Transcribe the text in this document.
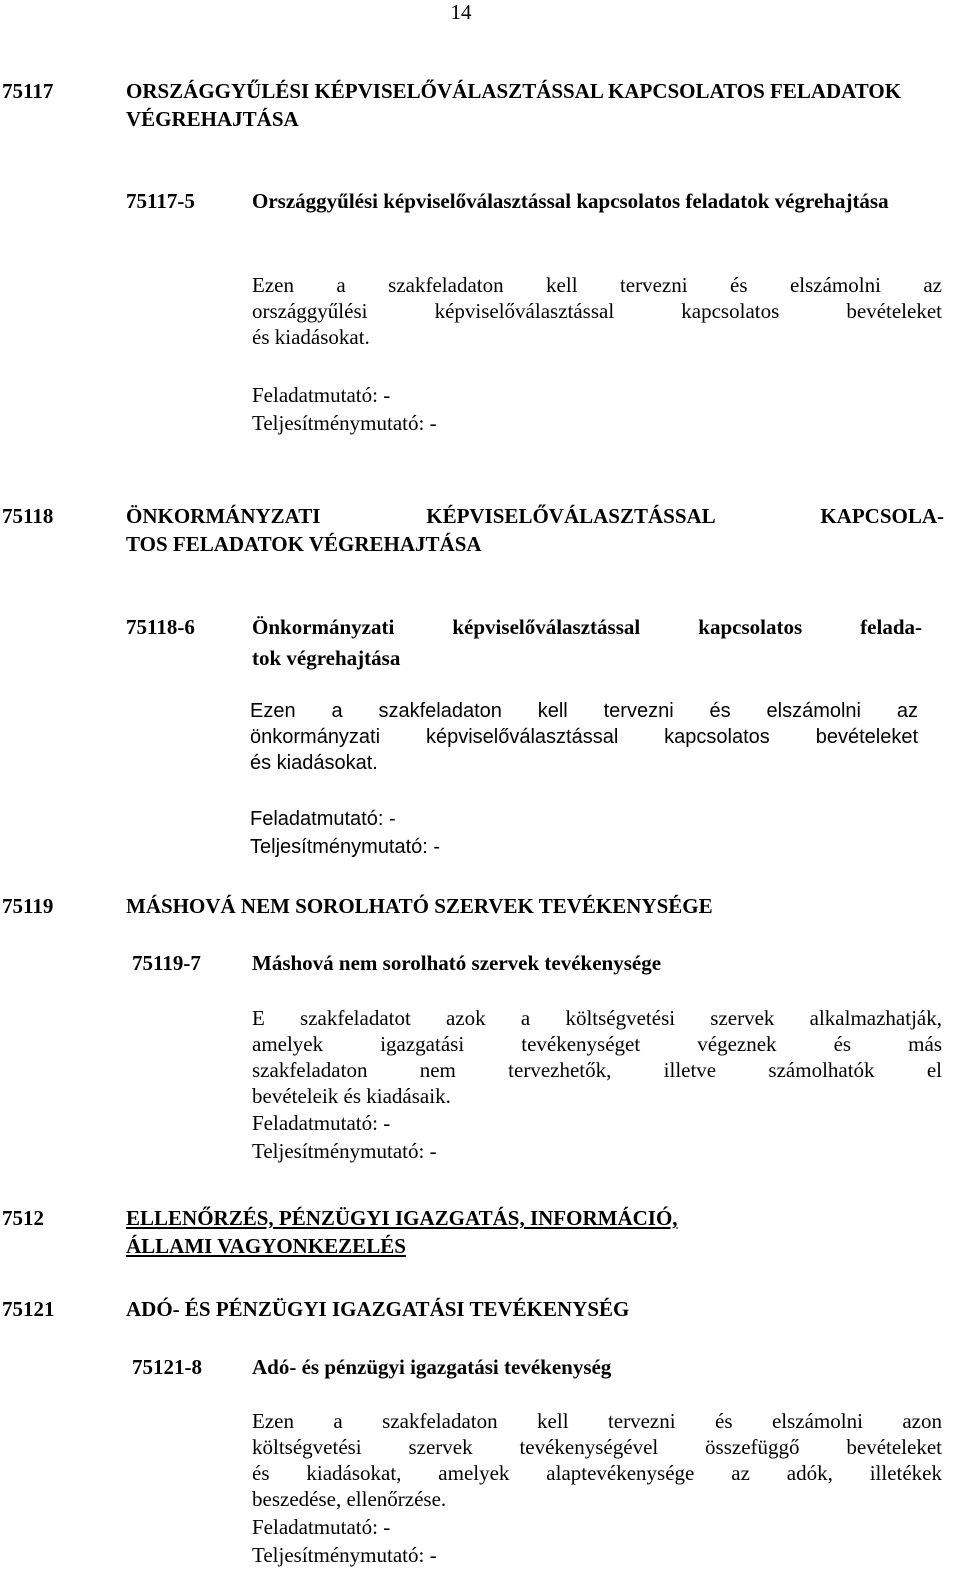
14
75117	ORSZÁGGYŰLÉSI KÉPVISELŐVÁLASZTÁSSAL KAPCSOLATOS FELADATOK VÉGREHAJTÁSA
75117-5	Országgyűlési képviselőválasztással kapcsolatos feladatok végrehajtása
Ezen a szakfeladaton kell tervezni és elszámolni az
országgyűlési képviselőválasztással kapcsolatos bevételeket
és kiadásokat.
Feladatmutató: -
Teljesítménymutató: -
75118	ÖNKORMÁNYZATI KÉPVISELŐVÁLASZTÁSSAL KAPCSOLA-
TOS FELADATOK VÉGREHAJTÁSA
75118-6	Önkormányzati képviselőválasztással kapcsolatos felada-
tok végrehajtása
Ezen a szakfeladaton kell tervezni és elszámolni az
önkormányzati képviselőválasztással kapcsolatos bevételeket
és kiadásokat.
Feladatmutató: -
Teljesítménymutató: -
75119	MÁSHOVÁ NEM SOROLHATÓ SZERVEK TEVÉKENYSÉGE
75119-7 Máshová nem sorolható szervek tevékenysége
E szakfeladatot azok a költségvetési szervek alkalmazhatják,
amelyek igazgatási tevékenységet végeznek és más
szakfeladaton nem tervezhetők, illetve számolhatók el
bevételeik és kiadásaik.
Feladatmutató: -
Teljesítménymutató: -
7512	ELLENŐRZÉS, PÉNZÜGYI IGAZGATÁS, INFORMÁCIÓ,
ÁLLAMI VAGYONKEZELÉS
75121	ADÓ- ÉS PÉNZÜGYI IGAZGATÁSI TEVÉKENYSÉG
75121-8 Adó- és pénzügyi igazgatási tevékenység
Ezen a szakfeladaton kell tervezni és elszámolni azon
költségvetési szervek tevékenységével összefüggő bevételeket
és kiadásokat, amelyek alaptevékenysége az adók, illetékek
beszedése, ellenőrzése.
Feladatmutató: -
Teljesítménymutató: -
